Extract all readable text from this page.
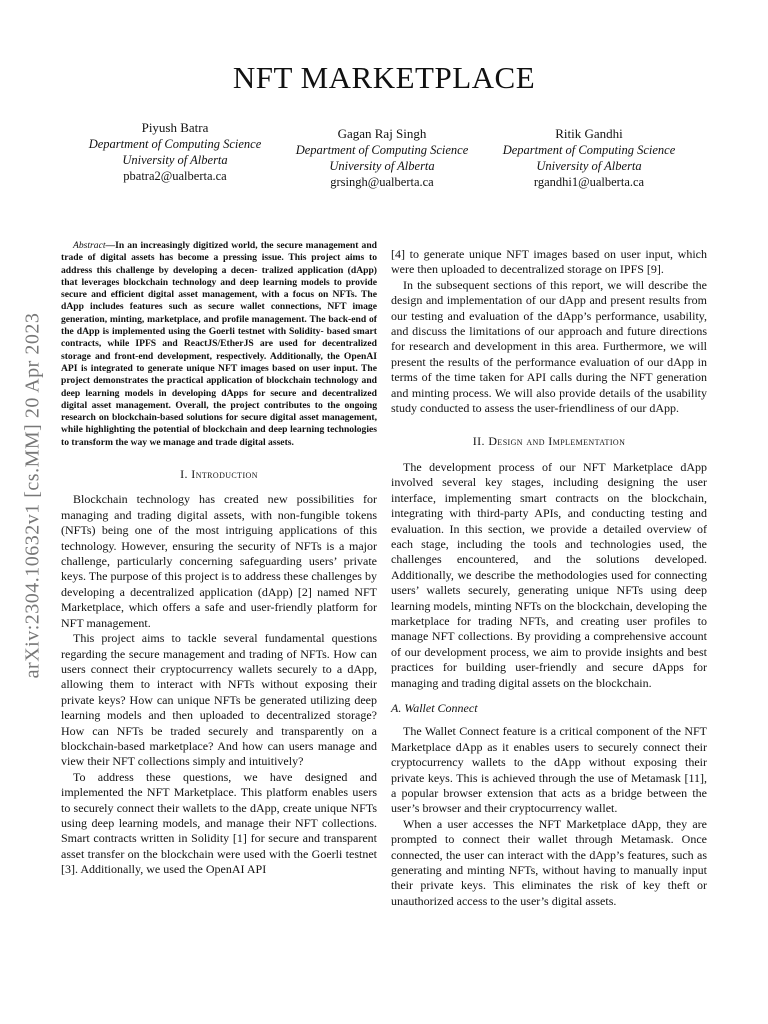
arXiv:2304.10632v1 [cs.MM] 20 Apr 2023
NFT MARKETPLACE
Piyush Batra
Department of Computing Science
University of Alberta
pbatra2@ualberta.ca
Gagan Raj Singh
Department of Computing Science
University of Alberta
grsingh@ualberta.ca
Ritik Gandhi
Department of Computing Science
University of Alberta
rgandhi1@ualberta.ca

Abstract—In an increasingly digitized world, the secure management and trade of digital assets has become a pressing issue. This project aims to address this challenge by developing a decen- tralized application (dApp) that leverages blockchain technology and deep learning models to provide secure and efficient digital asset management, with a focus on NFTs. The dApp includes features such as secure wallet connections, NFT image generation, minting, marketplace, and profile management. The back-end of the dApp is implemented using the Goerli testnet with Solidity- based smart contracts, while IPFS and ReactJS/EtherJS are used for decentralized storage and front-end development, respectively. Additionally, the OpenAI API is integrated to generate unique NFT images based on user input. The project demonstrates the practical application of blockchain technology and deep learning models in developing dApps for secure and decentralized digital asset management. Overall, the project contributes to the ongoing research on blockchain-based solutions for secure digital asset management, while highlighting the potential of blockchain and deep learning technologies to transform the way we manage and trade digital assets.

I. Introduction

Blockchain technology has created new possibilities for managing and trading digital assets, with non-fungible tokens (NFTs) being one of the most intriguing applications of this technology. However, ensuring the security of NFTs is a major challenge, particularly concerning safeguarding users’ private keys. The purpose of this project is to address these challenges by developing a decentralized application (dApp) [2] named NFT Marketplace, which offers a safe and user-friendly platform for NFT management.

This project aims to tackle several fundamental questions regarding the secure management and trading of NFTs. How can users connect their cryptocurrency wallets securely to a dApp, allowing them to interact with NFTs without exposing their private keys? How can unique NFTs be generated utilizing deep learning models and then uploaded to decentralized storage? How can NFTs be traded securely and transparently on a blockchain-based marketplace? And how can users manage and view their NFT collections simply and intuitively?

To address these questions, we have designed and implemented the NFT Marketplace. This platform enables users to securely connect their wallets to the dApp, create unique NFTs using deep learning models, and manage their NFT collections. Smart contracts written in Solidity [1] for secure and transparent asset transfer on the blockchain were used with the Goerli testnet [3]. Additionally, we used the OpenAI API

[4] to generate unique NFT images based on user input, which were then uploaded to decentralized storage on IPFS [9].

In the subsequent sections of this report, we will describe the design and implementation of our dApp and present results from our testing and evaluation of the dApp’s performance, usability, and discuss the limitations of our approach and future directions for research and development in this area. Furthermore, we will present the results of the performance evaluation of our dApp in terms of the time taken for API calls during the NFT generation and minting process. We will also provide details of the usability study conducted to assess the user-friendliness of our dApp.

II. Design and Implementation

The development process of our NFT Marketplace dApp involved several key stages, including designing the user interface, implementing smart contracts on the blockchain, integrating with third-party APIs, and conducting testing and evaluation. In this section, we provide a detailed overview of each stage, including the tools and technologies used, the challenges encountered, and the solutions developed. Additionally, we describe the methodologies used for connecting users’ wallets securely, generating unique NFTs using deep learning models, minting NFTs on the blockchain, developing the marketplace for trading NFTs, and creating user profiles to manage NFT collections. By providing a comprehensive account of our development process, we aim to provide insights and best practices for building user-friendly and secure dApps for managing and trading digital assets on the blockchain.

A. Wallet Connect

The Wallet Connect feature is a critical component of the NFT Marketplace dApp as it enables users to securely connect their cryptocurrency wallets to the dApp without exposing their private keys. This is achieved through the use of Metamask [11], a popular browser extension that acts as a bridge between the user’s browser and their cryptocurrency wallet.

When a user accesses the NFT Marketplace dApp, they are prompted to connect their wallet through Metamask. Once connected, the user can interact with the dApp’s features, such as generating and minting NFTs, without having to manually input their private keys. This eliminates the risk of key theft or unauthorized access to the user’s digital assets.
